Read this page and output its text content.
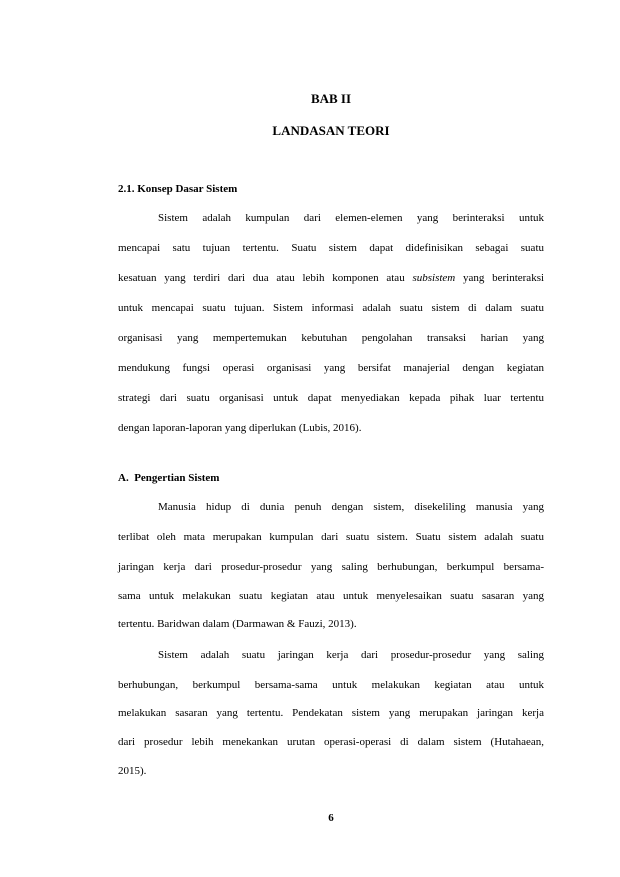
BAB II
LANDASAN TEORI
2.1. Konsep Dasar Sistem
Sistem adalah kumpulan dari elemen-elemen yang berinteraksi untuk
mencapai satu tujuan tertentu. Suatu sistem dapat didefinisikan sebagai suatu
kesatuan yang terdiri dari dua atau lebih komponen atau subsistem yang berinteraksi
untuk mencapai suatu tujuan. Sistem informasi adalah suatu sistem di dalam suatu
organisasi yang mempertemukan kebutuhan pengolahan transaksi harian yang
mendukung fungsi operasi organisasi yang bersifat manajerial dengan kegiatan
strategi dari suatu organisasi untuk dapat menyediakan kepada pihak luar tertentu
dengan laporan-laporan yang diperlukan (Lubis, 2016).
A.  Pengertian Sistem
Manusia hidup di dunia penuh dengan sistem, disekeliling manusia yang
terlibat oleh mata merupakan kumpulan dari suatu sistem. Suatu sistem adalah suatu
jaringan kerja dari prosedur-prosedur yang saling berhubungan, berkumpul bersama-
sama untuk melakukan suatu kegiatan atau untuk menyelesaikan suatu sasaran yang
tertentu. Baridwan dalam (Darmawan & Fauzi, 2013).
Sistem adalah suatu jaringan kerja dari prosedur-prosedur yang saling
berhubungan, berkumpul bersama-sama untuk melakukan kegiatan atau untuk
melakukan sasaran yang tertentu. Pendekatan sistem yang merupakan jaringan kerja
dari prosedur lebih menekankan urutan operasi-operasi di dalam sistem (Hutahaean,
2015).
6
